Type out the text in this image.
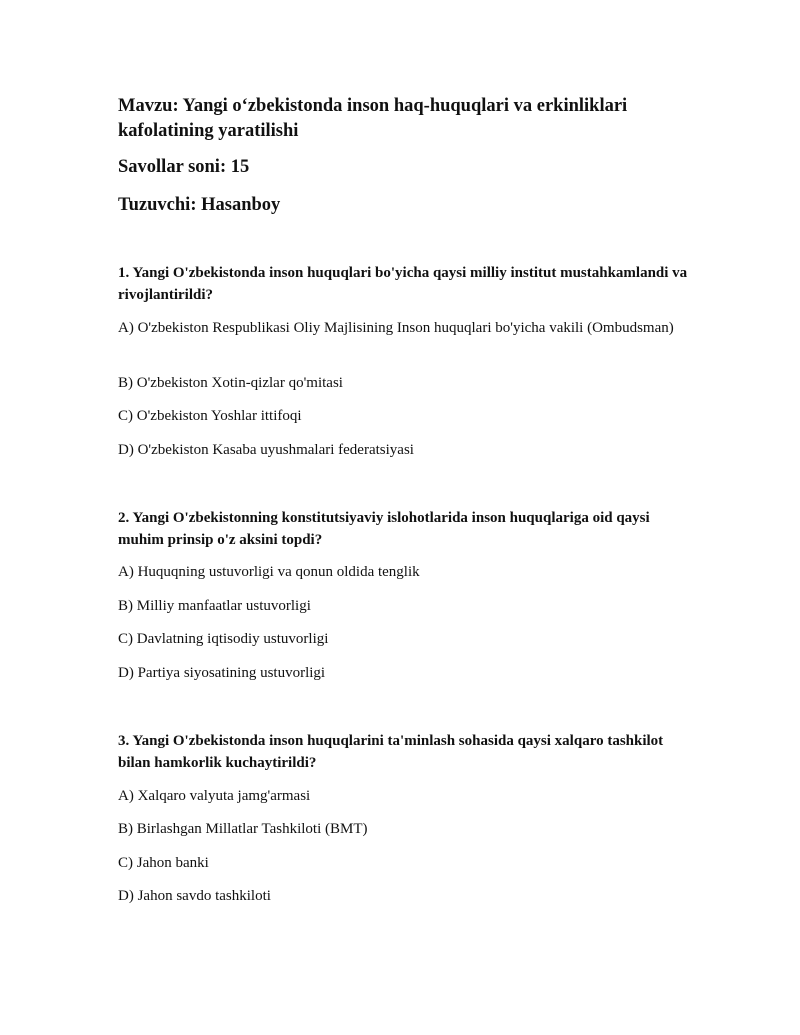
Mavzu: Yangi o‘zbekistonda inson haq-huquqlari va erkinliklari kafolatining yaratilishi

Savollar soni: 15

Tuzuvchi: Hasanboy

1. Yangi O'zbekistonda inson huquqlari bo'yicha qaysi milliy institut mustahkamlandi va rivojlantirildi?

A) O'zbekiston Respublikasi Oliy Majlisining Inson huquqlari bo'yicha vakili (Ombudsman)

B) O'zbekiston Xotin-qizlar qo'mitasi

C) O'zbekiston Yoshlar ittifoqi

D) O'zbekiston Kasaba uyushmalari federatsiyasi

2. Yangi O'zbekistonning konstitutsiyaviy islohotlarida inson huquqlariga oid qaysi muhim prinsip o'z aksini topdi?

A) Huquqning ustuvorligi va qonun oldida tenglik

B) Milliy manfaatlar ustuvorligi

C) Davlatning iqtisodiy ustuvorligi

D) Partiya siyosatining ustuvorligi

3. Yangi O'zbekistonda inson huquqlarini ta'minlash sohasida qaysi xalqaro tashkilot bilan hamkorlik kuchaytirildi?

A) Xalqaro valyuta jamg'armasi

B) Birlashgan Millatlar Tashkiloti (BMT)

C) Jahon banki

D) Jahon savdo tashkiloti
